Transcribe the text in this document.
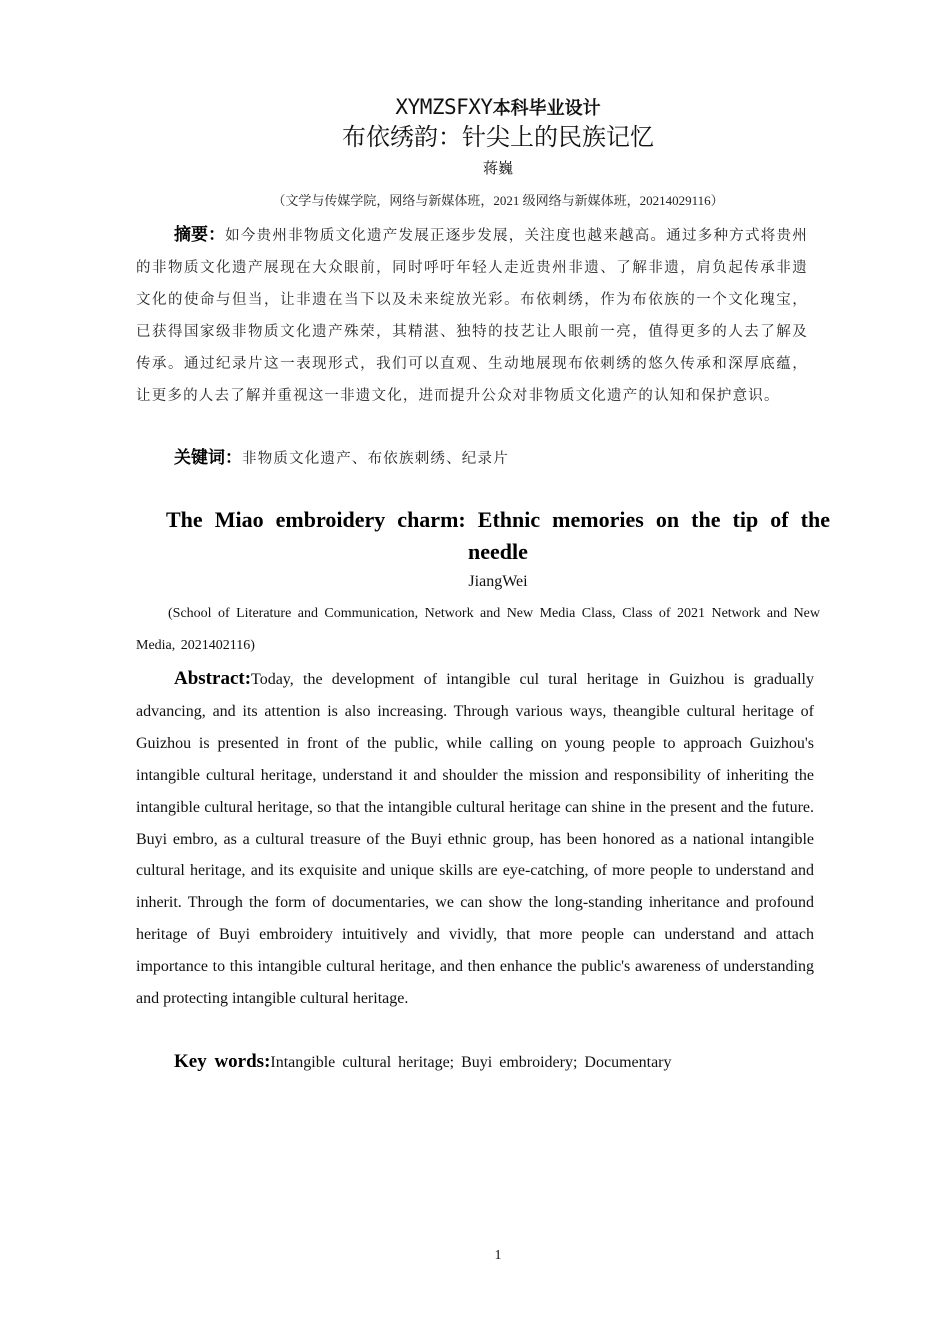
XYMZSFXY本科毕业设计
布依绣韵：针尖上的民族记忆
蒋巍
（文学与传媒学院，网络与新媒体班，2021 级网络与新媒体班，20214029116）
摘要：如今贵州非物质文化遗产发展正逐步发展，关注度也越来越高。通过多种方式将贵州的非物质文化遗产展现在大众眼前，同时呼吁年轻人走近贵州非遗、了解非遗，肩负起传承非遗文化的使命与但当，让非遗在当下以及未来绽放光彩。布依刺绣，作为布依族的一个文化瑰宝，已获得国家级非物质文化遗产殊荣，其精湛、独特的技艺让人眼前一亮，值得更多的人去了解及传承。通过纪录片这一表现形式，我们可以直观、生动地展现布依刺绣的悠久传承和深厚底蕴，让更多的人去了解并重视这一非遗文化，进而提升公众对非物质文化遗产的认知和保护意识。
关键词：非物质文化遗产、布依族刺绣、纪录片
The Miao embroidery charm: Ethnic memories on the tip of the
needle
JiangWei
(School of Literature and Communication, Network and New Media Class, Class of 2021 Network and New Media, 2021402116)
Abstract:Today, the development of intangible cul tural heritage in Guizhou is gradually advancing, and its attention is also increasing. Through various ways, theangible cultural heritage of Guizhou is presented in front of the public, while calling on young people to approach Guizhou's intangible cultural heritage, understand it and shoulder the mission and responsibility of inheriting the intangible cultural heritage, so that the intangible cultural heritage can shine in the present and the future. Buyi embro, as a cultural treasure of the Buyi ethnic group, has been honored as a national intangible cultural heritage, and its exquisite and unique skills are eye-catching, of more people to understand and inherit. Through the form of documentaries, we can show the long-standing inheritance and profound heritage of Buyi embroidery intuitively and vividly, that more people can understand and attach importance to this intangible cultural heritage, and then enhance the public's awareness of understanding and protecting intangible cultural heritage.
Key words:Intangible cultural heritage; Buyi embroidery; Documentary
1
